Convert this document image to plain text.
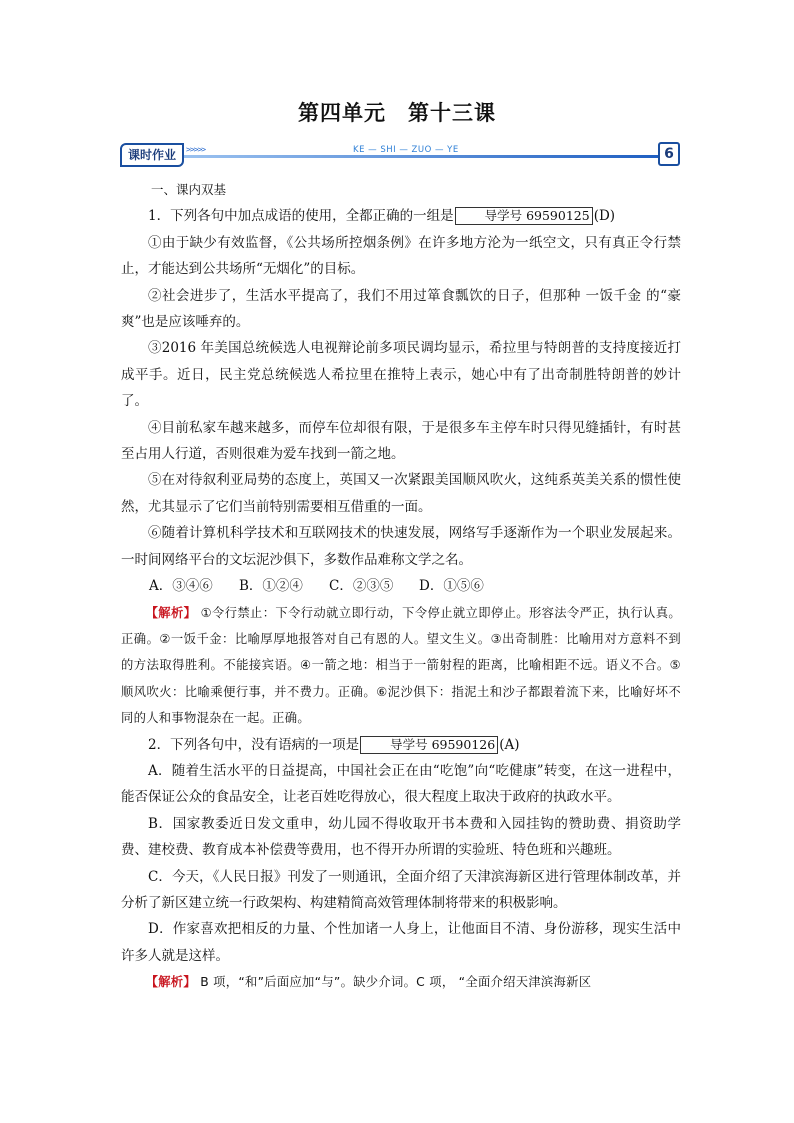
第四单元 第十三课
课时作业	>>>>>	KE — SHI — ZUO — YE	6

一、课内双基

1．下列各句中加点成语的使用，全都正确的一组是 导学号 69590125 (D)

①由于缺少有效监督，《公共场所控烟条例》在许多地方沦为一纸空文，只有真正令行禁止，才能达到公共场所“无烟化”的目标。

②社会进步了，生活水平提高了，我们不用过箪食瓢饮的日子，但那种 一饭千金 的“豪爽”也是应该唾弃的。

③2016 年美国总统候选人电视辩论前多项民调均显示，希拉里与特朗普的支持度接近打成平手。近日，民主党总统候选人希拉里在推特上表示，她心中有了出奇制胜特朗普的妙计了。

④目前私家车越来越多，而停车位却很有限，于是很多车主停车时只得见缝插针，有时甚至占用人行道，否则很难为爱车找到一箭之地。

⑤在对待叙利亚局势的态度上，英国又一次紧跟美国顺风吹火，这纯系英美关系的惯性使然，尤其显示了它们当前特别需要相互借重的一面。

⑥随着计算机科学技术和互联网技术的快速发展，网络写手逐渐作为一个职业发展起来。一时间网络平台的文坛泥沙俱下，多数作品难称文学之名。

A．③④⑥ B．①②④ C．②③⑤ D．①⑤⑥

【解析】 ①令行禁止：下令行动就立即行动，下令停止就立即停止。形容法令严正，执行认真。 正确。②一饭千金：比喻厚厚地报答对自己有恩的人。望文生义。③出奇制胜：比喻用对方意料不到的方法取得胜利。不能接宾语。④一箭之地：相当于一箭射程的距离，比喻相距不远。语义不合。⑤顺风吹火：比喻乘便行事，并不费力。正确。⑥泥沙俱下：指泥土和沙子都跟着流下来，比喻好坏不同的人和事物混杂在一起。正确。

2．下列各句中，没有语病的一项是 导学号 69590126 (A)

A．随着生活水平的日益提高，中国社会正在由“吃饱”向“吃健康”转变，在这一进程中，能否保证公众的食品安全，让老百姓吃得放心，很大程度上取决于政府的执政水平。

B．国家教委近日发文重申，幼儿园不得收取开书本费和入园挂钩的赞助费、捐资助学费、建校费、教育成本补偿费等费用，也不得开办所谓的实验班、特色班和兴趣班。

C．今天，《人民日报》刊发了一则通讯，全面介绍了天津滨海新区进行管理体制改革，并分析了新区建立统一行政架构、构建精简高效管理体制将带来的积极影响。

D．作家喜欢把相反的力量、个性加诸一人身上，让他面目不清、身份游移，现实生活中许多人就是这样。

【解析】 B 项，“和”后面应加“与”。缺少介词。C 项， “全面介绍天津滨海新区
